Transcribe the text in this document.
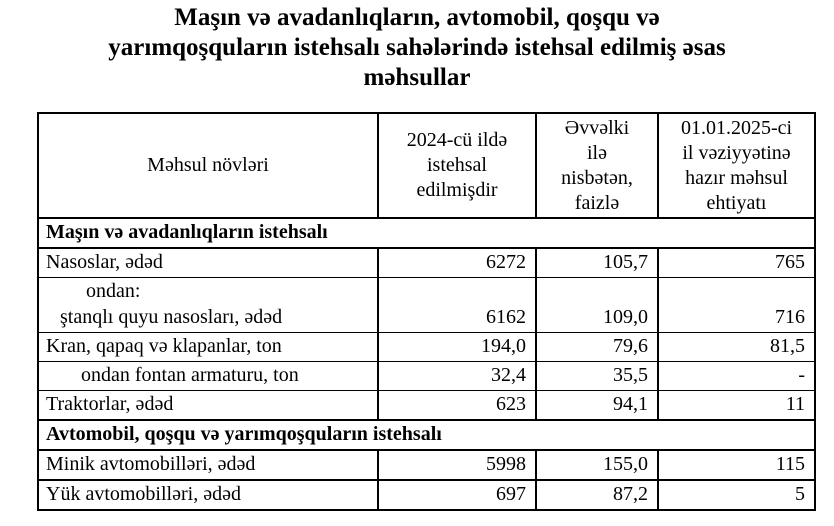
Maşın və avadanlıqların, avtomobil, qoşqu və
yarımqoşquların istehsalı sahələrində istehsal edilmiş əsas
məhsullar
Məhsul növləri	2024-cü ildə
istehsal
edilmişdir	Əvvəlki
ilə
nisbətən,
faizlə	01.01.2025-ci
il vəziyyətinə
hazır məhsul
ehtiyatı

Maşın və avadanlıqların istehsalı			
Nasoslar, ədəd	6272	105,7	765

ondan:
ştanqlı quyu nasosları, ədəd	6162	109,0	716
Kran, qapaq və klapanlar, ton	194,0	79,6	81,5
ondan fontan armaturu, ton	32,4	35,5	-
Traktorlar, ədəd	623	94,1	11
Avtomobil, qoşqu və yarımqoşquların istehsalı			
Minik avtomobilləri, ədəd	5998	155,0	115
Yük avtomobilləri, ədəd	697	87,2	5
